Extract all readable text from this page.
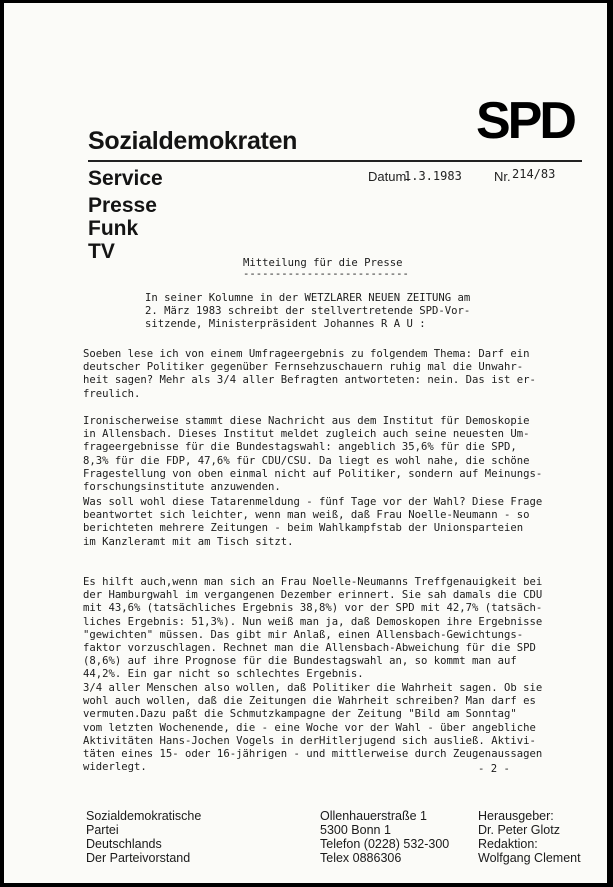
Sozialdemokraten	SPD
Service
Presse
Funk
TV
Datum:
1.3.1983 Nr. 214/83
Mitteilung für die Presse
--------------------------
In seiner Kolumne in der WETZLARER NEUEN ZEITUNG am
2. März 1983 schreibt der stellvertretende SPD-Vor-
sitzende, Ministerpräsident Johannes R A U :
Soeben lese ich von einem Umfrageergebnis zu folgendem Thema: Darf ein
deutscher Politiker gegenüber Fernsehzuschauern ruhig mal die Unwahr-
heit sagen? Mehr als 3/4 aller Befragten antworteten: nein. Das ist er-
freulich.
Ironischerweise stammt diese Nachricht aus dem Institut für Demoskopie
in Allensbach. Dieses Institut meldet zugleich auch seine neuesten Um-
frageergebnisse für die Bundestagswahl: angeblich 35,6% für die SPD,
8,3% für die FDP, 47,6% für CDU/CSU. Da liegt es wohl nahe, die schöne
Fragestellung von oben einmal nicht auf Politiker, sondern auf Meinungs-
forschungsinstitute anzuwenden.
Was soll wohl diese Tatarenmeldung - fünf Tage vor der Wahl? Diese Frage
beantwortet sich leichter, wenn man weiß, daß Frau Noelle-Neumann - so
berichteten mehrere Zeitungen - beim Wahlkampfstab der Unionsparteien
im Kanzleramt mit am Tisch sitzt.
Es hilft auch,wenn man sich an Frau Noelle-Neumanns Treffgenauigkeit bei
der Hamburgwahl im vergangenen Dezember erinnert. Sie sah damals die CDU
mit 43,6% (tatsächliches Ergebnis 38,8%) vor der SPD mit 42,7% (tatsäch-
liches Ergebnis: 51,3%). Nun weiß man ja, daß Demoskopen ihre Ergebnisse
"gewichten" müssen. Das gibt mir Anlaß, einen Allensbach-Gewichtungs-
faktor vorzuschlagen. Rechnet man die Allensbach-Abweichung für die SPD
(8,6%) auf ihre Prognose für die Bundestagswahl an, so kommt man auf
44,2%. Ein gar nicht so schlechtes Ergebnis.
3/4 aller Menschen also wollen, daß Politiker die Wahrheit sagen. Ob sie
wohl auch wollen, daß die Zeitungen die Wahrheit schreiben? Man darf es
vermuten.Dazu paßt die Schmutzkampagne der Zeitung "Bild am Sonntag"
vom letzten Wochenende, die - eine Woche vor der Wahl - über angebliche
Aktivitäten Hans-Jochen Vogels in derHitlerjugend sich ausließ. Aktivi-
täten eines 15- oder 16-jährigen - und mittlerweise durch Zeugenaussagen
widerlegt.	- 2 -
Sozialdemokratische
Partei
Deutschlands
Der Parteivorstand
Ollenhauerstraße 1
5300 Bonn 1
Telefon (0228) 532-300
Telex 0886306
Herausgeber:
Dr. Peter Glotz
Redaktion:
Wolfgang Clement
